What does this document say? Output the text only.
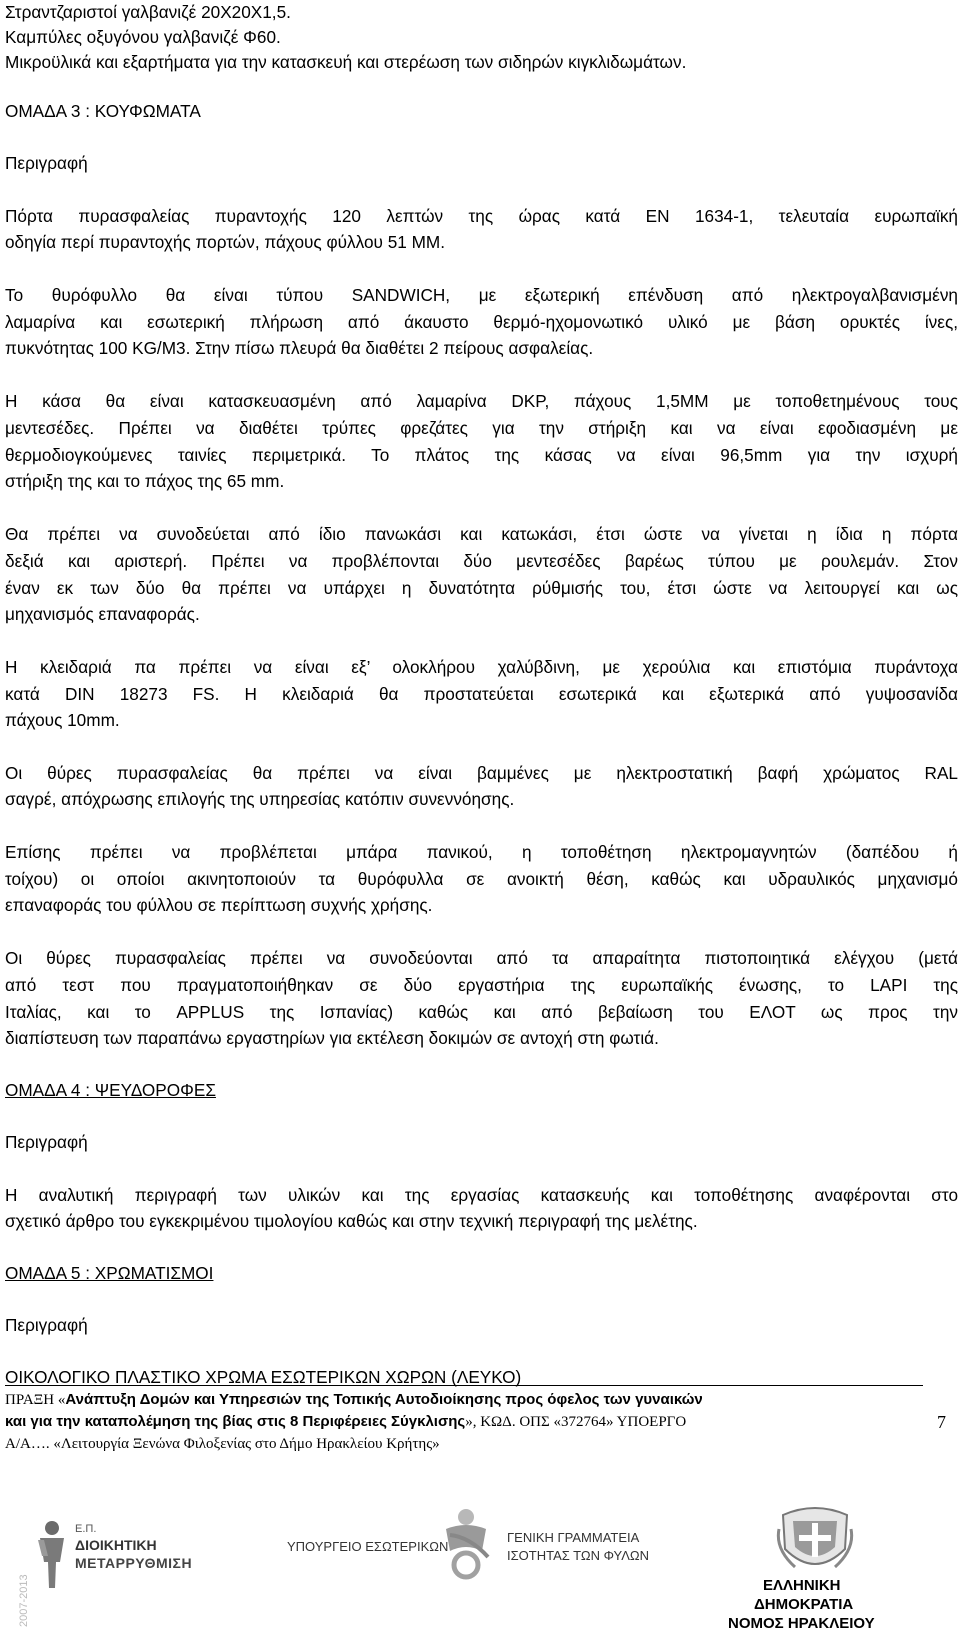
Στραντζαριστοί γαλβανιζέ 20Χ20Χ1,5.
Καμπύλες οξυγόνου γαλβανιζέ Φ60.
Μικροϋλικά και εξαρτήματα για την κατασκευή και στερέωση των σιδηρών κιγκλιδωμάτων.
ΟΜΑΔΑ 3 : ΚΟΥΦΩΜΑΤΑ
Περιγραφή
Πόρτα πυρασφαλείας πυραντοχής 120 λεπτών της ώρας κατά EN 1634-1, τελευταία ευρωπαϊκή
οδηγία περί πυραντοχής πορτών, πάχους φύλλου 51 ΜΜ.
Το θυρόφυλλο θα είναι τύπου SANDWICH, με εξωτερική επένδυση από ηλεκτρογαλβανισμένη
λαμαρίνα και εσωτερική πλήρωση από άκαυστο θερμό-ηχομονωτικό υλικό με βάση ορυκτές ίνες,
πυκνότητας 100 KG/M3. Στην πίσω πλευρά θα διαθέτει 2 πείρους ασφαλείας.
Η κάσα θα είναι κατασκευασμένη από λαμαρίνα DKP, πάχους 1,5ΜΜ με τοποθετημένους τους
μεντεσέδες. Πρέπει να διαθέτει τρύπες φρεζάτες για την στήριξη και να είναι εφοδιασμένη με
θερμοδιογκούμενες ταινίες περιμετρικά. Το πλάτος της κάσας να είναι 96,5mm για την ισχυρή
στήριξη της και το πάχος της 65 mm.
Θα πρέπει να συνοδεύεται από ίδιο πανωκάσι και κατωκάσι, έτσι ώστε να γίνεται η ίδια η πόρτα
δεξιά και αριστερή. Πρέπει να προβλέπονται δύο μεντεσέδες βαρέως τύπου με ρουλεμάν. Στον
έναν εκ των δύο θα πρέπει να υπάρχει η δυνατότητα ρύθμισής του, έτσι ώστε να λειτουργεί και ως
μηχανισμός επαναφοράς.
Η κλειδαριά πα πρέπει να είναι εξ’ ολοκλήρου χαλύβδινη, με χερούλια και επιστόμια πυράντοχα
κατά DIN 18273 FS. Η κλειδαριά θα προστατεύεται εσωτερικά και εξωτερικά από γυψοσανίδα
πάχους 10mm.
Οι θύρες πυρασφαλείας θα πρέπει να είναι βαμμένες με ηλεκτροστατική βαφή χρώματος RAL
σαγρέ, απόχρωσης επιλογής της υπηρεσίας κατόπιν συνεννόησης.
Επίσης πρέπει να προβλέπεται μπάρα πανικού, η τοποθέτηση ηλεκτρομαγνητών (δαπέδου ή
τοίχου) οι οποίοι ακινητοποιούν τα θυρόφυλλα σε ανοικτή θέση, καθώς και υδραυλικός μηχανισμό
επαναφοράς του φύλλου σε περίπτωση συχνής χρήσης.
Οι θύρες πυρασφαλείας πρέπει να συνοδεύονται από τα απαραίτητα πιστοποιητικά ελέγχου (μετά
από τεστ που πραγματοποιήθηκαν σε δύο εργαστήρια της ευρωπαϊκής ένωσης, το LAPI της
Ιταλίας, και το APPLUS της Ισπανίας) καθώς και από βεβαίωση του ΕΛΟΤ ως προς την
διαπίστευση των παραπάνω εργαστηρίων για εκτέλεση δοκιμών σε αντοχή στη φωτιά.
ΟΜΑΔΑ 4 : ΨΕΥΔΟΡΟΦΕΣ
Περιγραφή
Η αναλυτική περιγραφή των υλικών και της εργασίας κατασκευής και τοποθέτησης αναφέρονται στο
σχετικό άρθρο του εγκεκριμένου τιμολογίου καθώς και στην τεχνική περιγραφή της μελέτης.
ΟΜΑΔΑ 5 : ΧΡΩΜΑΤΙΣΜΟΙ
Περιγραφή
ΟΙΚΟΛΟΓΙΚΟ ΠΛΑΣΤΙΚΟ ΧΡΩΜΑ ΕΣΩΤΕΡΙΚΩΝ ΧΩΡΩΝ (ΛΕΥΚΟ)
ΠΡΑΞΗ «Ανάπτυξη Δομών και Υπηρεσιών της Τοπικής Αυτοδιοίκησης προς όφελος των γυναικών
και για την καταπολέμηση της βίας στις 8 Περιφέρειες Σύγκλισης», ΚΩΔ. ΟΠΣ «372764» ΥΠΟΕΡΓΟ
Α/Α…. «Λειτουργία Ξενώνα Φιλοξενίας στο Δήμο Ηρακλείου Κρήτης»
7
2007-2013
Ε.Π.
ΔΙΟΙΚΗΤΙΚΗ
ΜΕΤΑΡΡΥΘΜΙΣΗ
ΥΠΟΥΡΓΕΙΟ ΕΣΩΤΕΡΙΚΩΝ
ΓΕΝΙΚΗ ΓΡΑΜΜΑΤΕΙΑ
ΙΣΟΤΗΤΑΣ ΤΩΝ ΦΥΛΩΝ
ΕΛΛΗΝΙΚΗ
ΔΗΜΟΚΡΑΤΙΑ
ΝΟΜΟΣ ΗΡΑΚΛΕΙΟΥ
